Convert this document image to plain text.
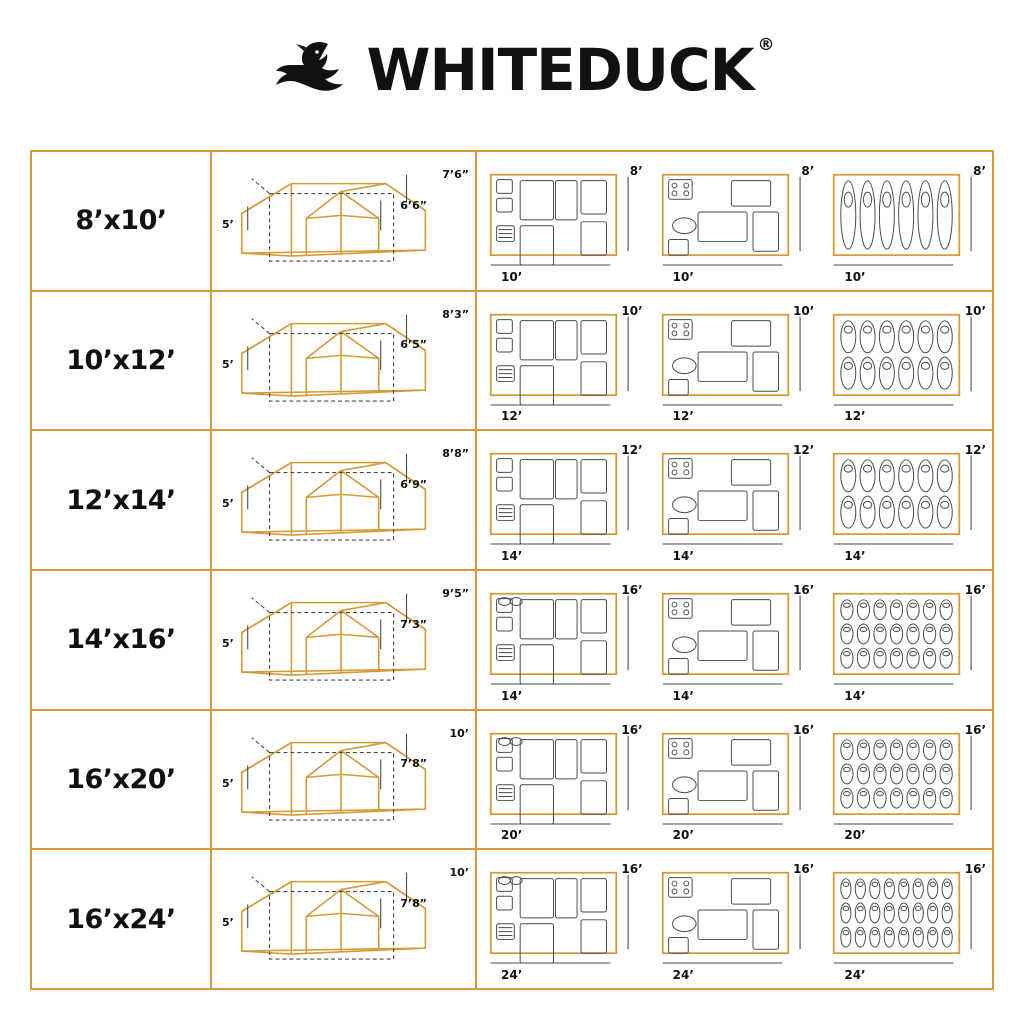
WHITEDUCK ®
8’x10’
7’6”
5’
6’6”
8’
10’
8’
10’
8’
10’
10’x12’
8’3”
5’
6’5”
10’
12’
10’
12’
10’
12’
12’x14’
8’8”
5’
6’9”
12’
14’
12’
14’
12’
14’
14’x16’
9’5”
5’
7’3”
16’
14’
16’
14’
16’
14’
16’x20’
10’
5’
7’8”
16’
20’
16’
20’
16’
20’
16’x24’
10’
5’
7’8”
16’
24’
16’
24’
16’
24’
